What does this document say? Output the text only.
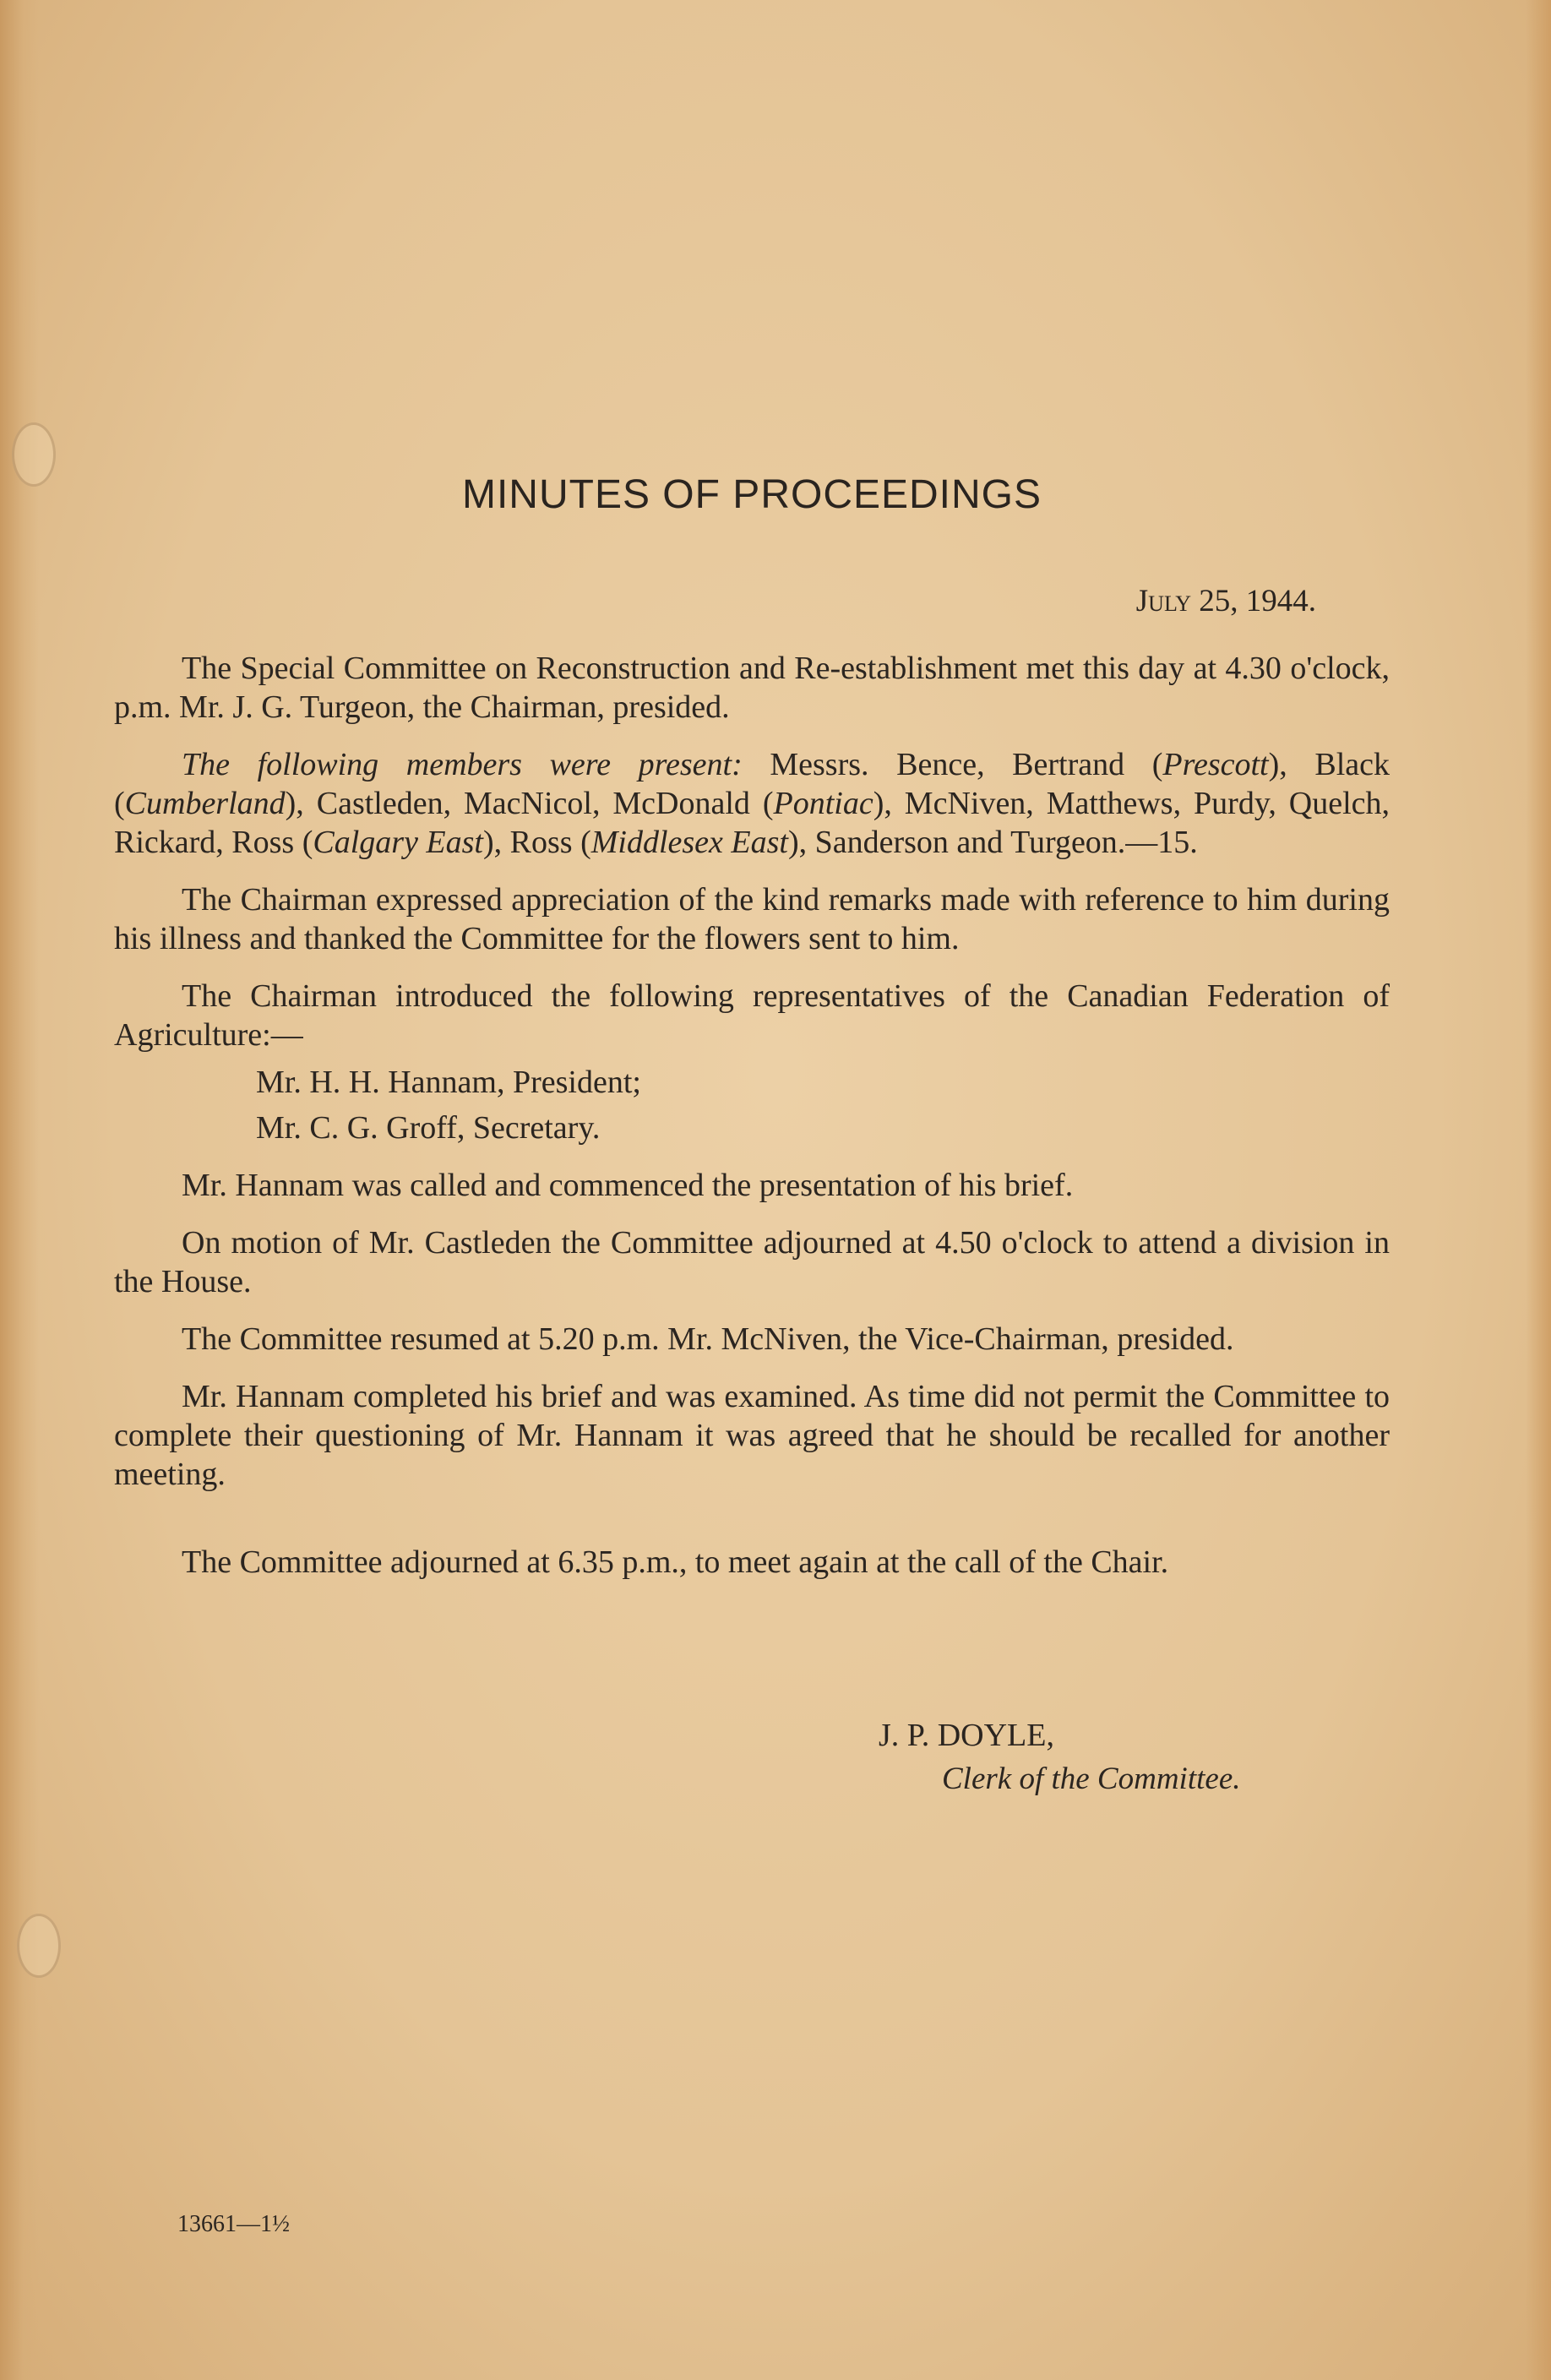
MINUTES OF PROCEEDINGS
July 25, 1944.

The Special Committee on Reconstruction and Re-establishment met this day at 4.30 o'clock, p.m. Mr. J. G. Turgeon, the Chairman, presided.

The following members were present: Messrs. Bence, Bertrand (Prescott), Black (Cumberland), Castleden, MacNicol, McDonald (Pontiac), McNiven, Matthews, Purdy, Quelch, Rickard, Ross (Calgary East), Ross (Middlesex East), Sanderson and Turgeon.—15.

The Chairman expressed appreciation of the kind remarks made with reference to him during his illness and thanked the Committee for the flowers sent to him.

The Chairman introduced the following representatives of the Canadian Federation of Agriculture:—

Mr. H. H. Hannam, President;

Mr. C. G. Groff, Secretary.

Mr. Hannam was called and commenced the presentation of his brief.

On motion of Mr. Castleden the Committee adjourned at 4.50 o'clock to attend a division in the House.

The Committee resumed at 5.20 p.m. Mr. McNiven, the Vice-Chairman, presided.

Mr. Hannam completed his brief and was examined. As time did not permit the Committee to complete their questioning of Mr. Hannam it was agreed that he should be recalled for another meeting.

The Committee adjourned at 6.35 p.m., to meet again at the call of the Chair.

J. P. DOYLE,
Clerk of the Committee.
13661—1½
